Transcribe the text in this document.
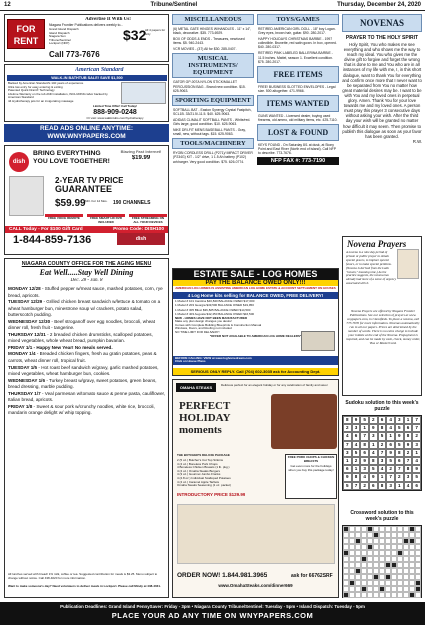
12	Tribune/Sentinel	Thursday, December 24, 2020
FOR RENT
Advertise It With Us!
Niagara Frontier Publications delivers weekly to...
Grand Island Dispatch
Island Dispatch
Niagara Sun
Tribune/Sentinel
Lockport (NFP)
$32
All 4 papers for only
Call 773-7676
American Standard
WALK-IN BATHTUB SALE! SAVE $1,500
Backed by American Standard's 140 years of experience
Ultra low entry for easy entering & exiting
Patented Quick Drain® Technology
Lifetime Warranty on the tub AND installation, INCLUDING labor backed by American Standard
44 Hydrotherapy jets for an invigorating massage
Limited Time Offer! Call Today!
888-909-0248
Or visit: www.walkintubs.com/hydrotherapy
READ ADS ONLINE ANYTIME:
WWW.WNYPAPERS.COM
dish
BRING EVERYTHING YOU LOVE TOGETHER!
Blazing Fast Internet!
$19.99
2-YEAR TV PRICE
GUARANTEE
$59.99 MO. For 12 Mos.	190 CHANNELS
FREE VOICE REMOTE	FREE SMART HD DVR INCLUDED
FREE STREAMING ON ALL YOUR DEVICES
CALL Today - For $100 Gift Card	Promo Code: DISH100
1-844-859-7136	dish
NIAGARA COUNTY OFFICE FOR THE AGING MENU
Eat Well.....Stay Well Dining
Dec. 28 - Jan. 8
MONDAY 12/28 - Stuffed pepper w/meat sauce, mashed potatoes, corn, rye bread, apricots.
TUESDAY 12/29 - Grilled chicken breast sandwich w/lettuce & tomato on a wheat hamburger bun, minestrone soup w/ crackers, potato salad, butterscotch pudding.
WEDNESDAY 12/30 - Beef stroganoff over egg noodles, broccoli, wheat dinner roll, fresh fruit - tangerine.
THURSDAY 12/31 - 2 breaded chicken drumsticks, scalloped potatoes, mixed vegetables, whole wheat bread, pumpkin bavarian.
FRIDAY 1/1 - Happy New Year! No meals served.
MONDAY 1/4 - Breaded chicken fingers, fresh au gratin potatoes, peas & carrots, wheat dinner roll, tropical fruit.
TUESDAY 1/5 - Hot roast beef sandwich w/gravy, garlic mashed potatoes, mixed vegetables, wheat hamburger bun, cookies.
WEDNESDAY 1/6 - Turkey breast w/gravy, sweet potatoes, green beans, bread dressing, marble pudding.
THURSDAY 1/7 - Veal parmesan w/tomato sauce & penne pasta, cauliflower, Italian bread, apricots.
FRIDAY 1/8 - Sweet & sour pork w/crunchy noodles, white rice, broccoli, mandarin orange delight w/ whip topping.
All lunches served with bread/ 1% milk, coffee or tea. Suggested contribution for meals is $3.25. Menu subject to change without notice. Call 438-4020 for more information.
Want to make someone's day? Need volunteers to deliver meals in Lockport. Please call Mindy at 438-4031.
MISCELLANEOUS

(6) METAL GATE HINGES W/HANDLES - 11" x 14", black, decorative. $35. 773-6929.

BOX OF ODDS & ENDS - Treasures, new/used items. $5. 940-2443.

VCR MOVIES - (37) All for $30. 285-0407.

MUSICAL INSTRUMENTS/ EQUIPMENT

GATOR GP-007A NYLON STICK/MALLET PERCUSSION BAG - Brand new condition. $15. 625-9063.

SPORTING EQUIPMENT

SOFTBALL BAT - Easton Synergy Crystal Fastpitch, SCL1B. 33/21.5/-11.5. $40. 625-9063.

ADIDAS CLIMALIT SOFTBALL PANTS - White/red. Girls large, good condition. $10. 625-9063.

NIKE DRI-FIT MENS BASEBALL PANTS - Gray, small, new, without tags. $15. 625-9063.

TOOLS/MACHINERY

RYOBI CORDLESS DRILL (P271)/ IMPACT DRIVER (P234G) KIT - 1/2" drive, 1 1.5 Ah battery (P102) w/charger. Very good condition. $75. 626-0774.

TOYS/GAMES

RETIRED AMERICAN GIRL DOLL - 18" boy Logan. Grey eyes, brown hair, guitar. $90. 280-2017.

HAPPY HOLIDAYS CHRISTMAS BARBIE - 1997 collectible. Brunette, red satin gown. In box, opened. $40. 280-0317.

RETIRED PINK LABELED BALLERINA BARBIE - 11.5 inches. Mattel, season 1. Excellent condition. $75. 280-2017.

FREE ITEMS

FREE! BUSINESS SLOTTED ENVELOPES - Legal size. 500 altogether. 471-9966.

ITEMS WANTED

GUNS WANTED - Licensed dealer, buying used firearms, old ammo, old military items, etc. 425-7110.

LOST & FOUND

KEYS FOUND - On Saturday 8/1 at dusk, at Stony Point and East River (North end of island). Call NFP to describe. 773-7676.

NFP FAX #: 773-7190
ESTATE SALE - LOG HOMES
PAY THE BALANCE OWED ONLY!!!
AMERICAN LOG HOMES IS ASSISTING AMERICAN LOG HOME ESTATE & ACCOUNT SETTLEMENT ON HOUSES
4 Log Home kits selling for BALANCE OWED, FREE DELIVERY!
1 Model # 101 Carolina $40,840 BALANCE OWED $17,000
1 Model # 203 Georgia $49,500 BALANCE OWED $19,950
1 Model # 305 Biloxi $36,825 BALANCE OWED $14,500
1 Model # 403 Augusta $42,450 BALANCE OWED $16,500
NEW - HOMES HAVE NOT BEEN MANUFACTURED
Make any plan design changes you desire!
Comes with Complete Building Blueprints & Construction Manual
Windows, Doors, and Roofing not included
NO TIME LIMIT FOR DELIVERY!
*OFFER NOT AVAILABLE TO AMERICAN LOG HOME DEALERS*
BEFORE CALLING: VIEW at www.loghomedream.com
Click on House Plans
SERIOUS ONLY REPLY. Call (704) 602-3035 ask for Accounting Dept.
OMAHA STEAKS	Delicious perfect for an elegant holiday or for any celebration of family and savor
PERFECT HOLIDAY moments
THE BUTCHER'S DELUXE PACKAGE
2 (5 oz.) Butcher's Cut Top Sirloins
4 (4 oz.) Boneless Pork Chops
4 Boneless Chicken Breasts (1 lb. pkg.)
4 (4 oz.) Omaha Steaks Burgers
4 (3 oz.) Gourmet Jumbo Franks
4 (2.8 oz.) Individual Scalloped Potatoes
4 (4 oz.) Caramel Apple Tartlets
Omaha Steaks Seasoning (1 oz. packet)
INTRODUCTORY PRICE $129.99
FREE PORK CHOPS & CHICKEN BREASTS
Get even more for the holidays when you buy this package today!
ORDER NOW! 1.844.981.3965	ask for 66762SRF
www.OmahaSteaks.com/dinner669
NOVENAS
PRAYER TO THE HOLY SPIRIT
Holy Spirit, You who makes me see everything and who shows me the way to reach my ideal. You who gives me the divine gift to forgive and forget the wrong that is done to me and You who are in all instances of my life with me, I, in this short dialogue, want to thank You for everything and confirm once more that I never want to be separated from You no matter how great material desires may be. I want to be with You and my loved ones in perpetual glory. Amen. Thank You for your love towards me and my loved ones. A person must pray this prayer 3 consecutive days without asking your wish. After the third day your wish will be granted no matter how difficult it may seem. Then promise to publish this dialogue as soon as your favor has been granted.
R.W.
Novena Prayers
A novena is a nine day period of private or public prayer to obtain special graces, to implore special favors, or to make special petitions. (Novena is derived from the Latin "novem," meaning nine.) As the practice suggests, the novena has already had more of a sense of urgency associated with it.
Novena Prayers are offered by Niagara Frontier Publications. See our selection of prayers at www. wnypapers.com, in Classifieds. To place a novena, call 773-7676 for more information. Novenas automatically run in all our papers. Prices are determined by the number of words. There is no extra charge to include your initials at the end of the Novena. Prepayment is required, and can be made by cash, check, money order, Visa or MasterCard.
Sudoku solution to this week's puzzle
8	9	5	2	6	4	3	1	7
2	3	1	9	8	4	5	6	7
4	6	7	3	5	1	9	8	2
7	4	8	1	2	6	5	9	3
3	5	6	4	7	9	8	2	1
1	2	9	8	3	5	6	7	4
6	1	3	5	4	2	7	8	9
9	8	4	9	1	7	2	3	5
5	7	2	6	8	3	1	4	6
Crossword solution to this week's puzzle
Publication Deadlines: Grand Island PennySaver: Friday - 3pm • Niagara County Tribune/Sentinel: Tuesday - 5pm • Island Dispatch: Tuesday - 5pm
PLACE YOUR AD ANY TIME ON WNYPAPERS.COM
